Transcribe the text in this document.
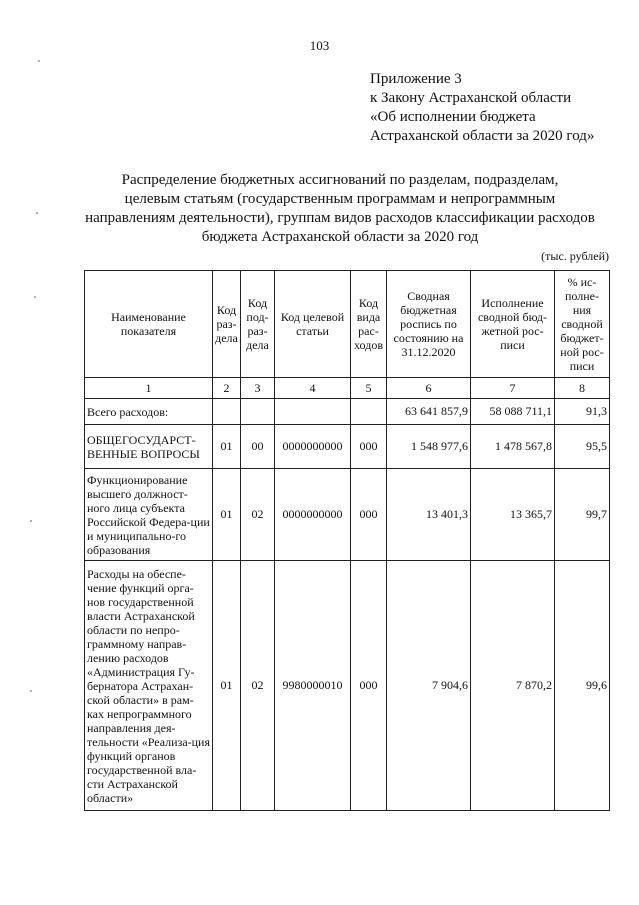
103
Приложение 3
к Закону Астраханской области
«Об исполнении бюджета
Астраханской области за 2020 год»
Распределение бюджетных ассигнований по разделам, подразделам,
целевым статьям (государственным программам и непрограммным
направлениям деятельности), группам видов расходов классификации расходов
бюджета Астраханской области за 2020 год
(тыс. рублей)
Наименование показателя	Код раз-дела	Код под-раз-дела	Код целевой статьи	Код вида рас-ходов	Сводная бюджетная роспись по состоянию на 31.12.2020	Исполнение сводной бюд-жетной рос-писи	% ис-полне-ния сводной бюджет-ной рос-писи
1	2	3	4	5	6	7	8
Всего расходов:					63 641 857,9	58 088 711,1	91,3
ОБЩЕГОСУДАРСТ-ВЕННЫЕ ВОПРОСЫ	01	00	0000000000	000	1 548 977,6	1 478 567,8	95,5
Функционирование высшего должност-ного лица субъекта Российской Федера-ции и муниципально-го образования	01	02	0000000000	000	13 401,3	13 365,7	99,7
Расходы на обеспе-чение функций орга-нов государственной власти Астраханской области по непро-граммному направ-лению расходов «Администрация Гу-бернатора Астрахан-ской области» в рам-ках непрограммного направления дея-тельности «Реализа-ция функций органов государственной вла-сти Астраханской области»	01	02	9980000010	000	7 904,6	7 870,2	99,6
